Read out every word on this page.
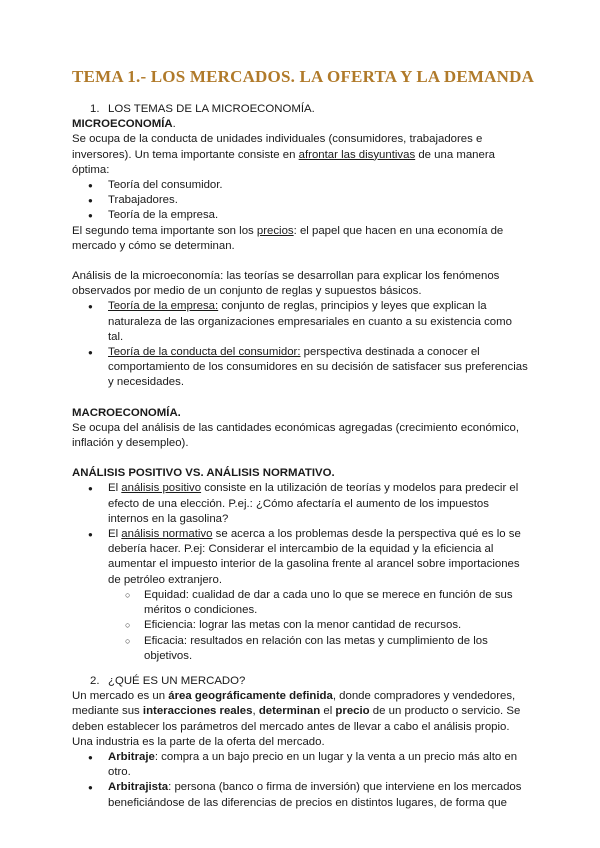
TEMA 1.- LOS MERCADOS. LA OFERTA Y LA DEMANDA

1. LOS TEMAS DE LA MICROECONOMÍA.

MICROECONOMÍA.

Se ocupa de la conducta de unidades individuales (consumidores, trabajadores e inversores). Un tema importante consiste en afrontar las disyuntivas de una manera óptima:

● Teoría del consumidor.
● Trabajadores.
● Teoría de la empresa.

El segundo tema importante son los precios: el papel que hacen en una economía de mercado y cómo se determinan.

Análisis de la microeconomía: las teorías se desarrollan para explicar los fenómenos observados por medio de un conjunto de reglas y supuestos básicos.

● Teoría de la empresa: conjunto de reglas, principios y leyes que explican la naturaleza de las organizaciones empresariales en cuanto a su existencia como tal.
● Teoría de la conducta del consumidor: perspectiva destinada a conocer el comportamiento de los consumidores en su decisión de satisfacer sus preferencias y necesidades.

MACROECONOMÍA.

Se ocupa del análisis de las cantidades económicas agregadas (crecimiento económico, inflación y desempleo).

ANÁLISIS POSITIVO VS. ANÁLISIS NORMATIVO.

● El análisis positivo consiste en la utilización de teorías y modelos para predecir el efecto de una elección. P.ej.: ¿Cómo afectaría el aumento de los impuestos internos en la gasolina?
● El análisis normativo se acerca a los problemas desde la perspectiva qué es lo se debería hacer. P.ej: Considerar el intercambio de la equidad y la eficiencia al aumentar el impuesto interior de la gasolina frente al arancel sobre importaciones de petróleo extranjero.
○ Equidad: cualidad de dar a cada uno lo que se merece en función de sus méritos o condiciones.
○ Eficiencia: lograr las metas con la menor cantidad de recursos.
○ Eficacia: resultados en relación con las metas y cumplimiento de los objetivos.

2. ¿QUÉ ES UN MERCADO?

Un mercado es un área geográficamente definida, donde compradores y vendedores, mediante sus interacciones reales, determinan el precio de un producto o servicio. Se deben establecer los parámetros del mercado antes de llevar a cabo el análisis propio.

Una industria es la parte de la oferta del mercado.

● Arbitraje: compra a un bajo precio en un lugar y la venta a un precio más alto en otro.
● Arbitrajista: persona (banco o firma de inversión) que interviene en los mercados beneficiándose de las diferencias de precios en distintos lugares, de forma que
